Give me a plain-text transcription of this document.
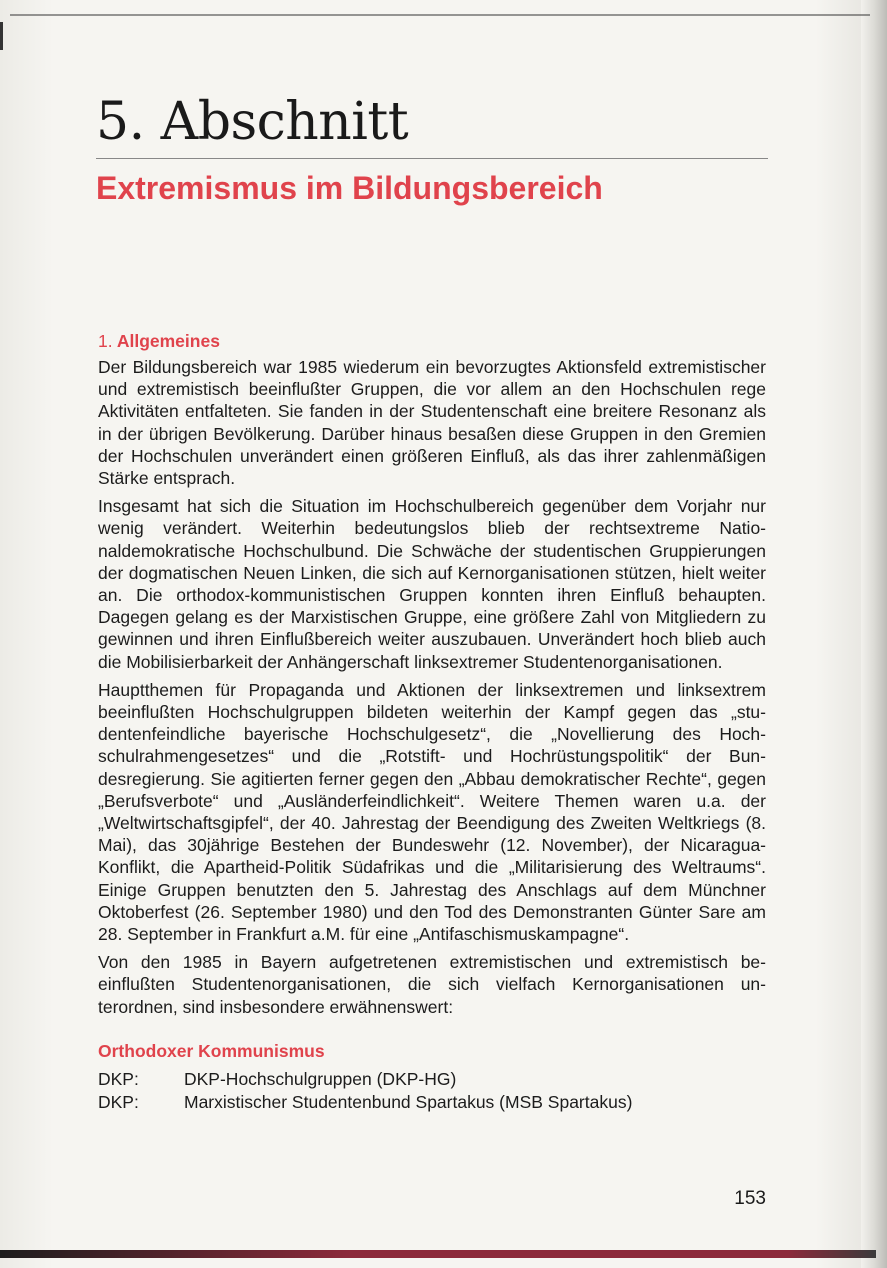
5. Abschnitt
Extremismus im Bildungsbereich
1. Allgemeines

Der Bildungsbereich war 1985 wiederum ein bevorzugtes Aktionsfeld extremistischer und extremistisch beeinflußter Gruppen, die vor allem an den Hochschulen rege Aktivitäten entfalteten. Sie fanden in der Studentenschaft eine breitere Resonanz als in der übrigen Bevölkerung. Darüber hinaus besaßen diese Gruppen in den Gremien der Hochschulen unverändert einen größeren Einfluß, als das ihrer zahlenmäßigen Stärke entsprach.

Insgesamt hat sich die Situation im Hochschulbereich gegenüber dem Vorjahr nur wenig verändert. Weiterhin bedeutungslos blieb der rechtsextreme Nationaldemokratische Hochschulbund. Die Schwäche der studentischen Gruppierungen der dogmatischen Neuen Linken, die sich auf Kernorganisationen stützen, hielt weiter an. Die orthodox-kommunistischen Gruppen konnten ihren Einfluß behaupten. Dagegen gelang es der Marxistischen Gruppe, eine größere Zahl von Mitgliedern zu gewinnen und ihren Einflußbereich weiter auszubauen. Unverändert hoch blieb auch die Mobilisierbarkeit der Anhängerschaft linksextremer Studentenorganisationen.

Hauptthemen für Propaganda und Aktionen der linksextremen und linksextrem beeinflußten Hochschulgruppen bildeten weiterhin der Kampf gegen das „studentenfeindliche bayerische Hochschulgesetz“, die „Novellierung des Hochschulrahmengesetzes“ und die „Rotstift- und Hochrüstungspolitik“ der Bundesregierung. Sie agitierten ferner gegen den „Abbau demokratischer Rechte“, gegen „Berufsverbote“ und „Ausländerfeindlichkeit“. Weitere Themen waren u.a. der „Weltwirtschaftsgipfel“, der 40. Jahrestag der Beendigung des Zweiten Weltkriegs (8. Mai), das 30jährige Bestehen der Bundeswehr (12. November), der Nicaragua-Konflikt, die Apartheid-Politik Südafrikas und die „Militarisierung des Weltraums“. Einige Gruppen benutzten den 5. Jahrestag des Anschlags auf dem Münchner Oktoberfest (26. September 1980) und den Tod des Demonstranten Günter Sare am 28. September in Frankfurt a.M. für eine „Antifaschismuskampagne“.

Von den 1985 in Bayern aufgetretenen extremistischen und extremistisch beeinflußten Studentenorganisationen, die sich vielfach Kernorganisationen unterordnen, sind insbesondere erwähnenswert:

Orthodoxer Kommunismus
DKP:	DKP-Hochschulgruppen (DKP-HG)
DKP:	Marxistischer Studentenbund Spartakus (MSB Spartakus)
153
